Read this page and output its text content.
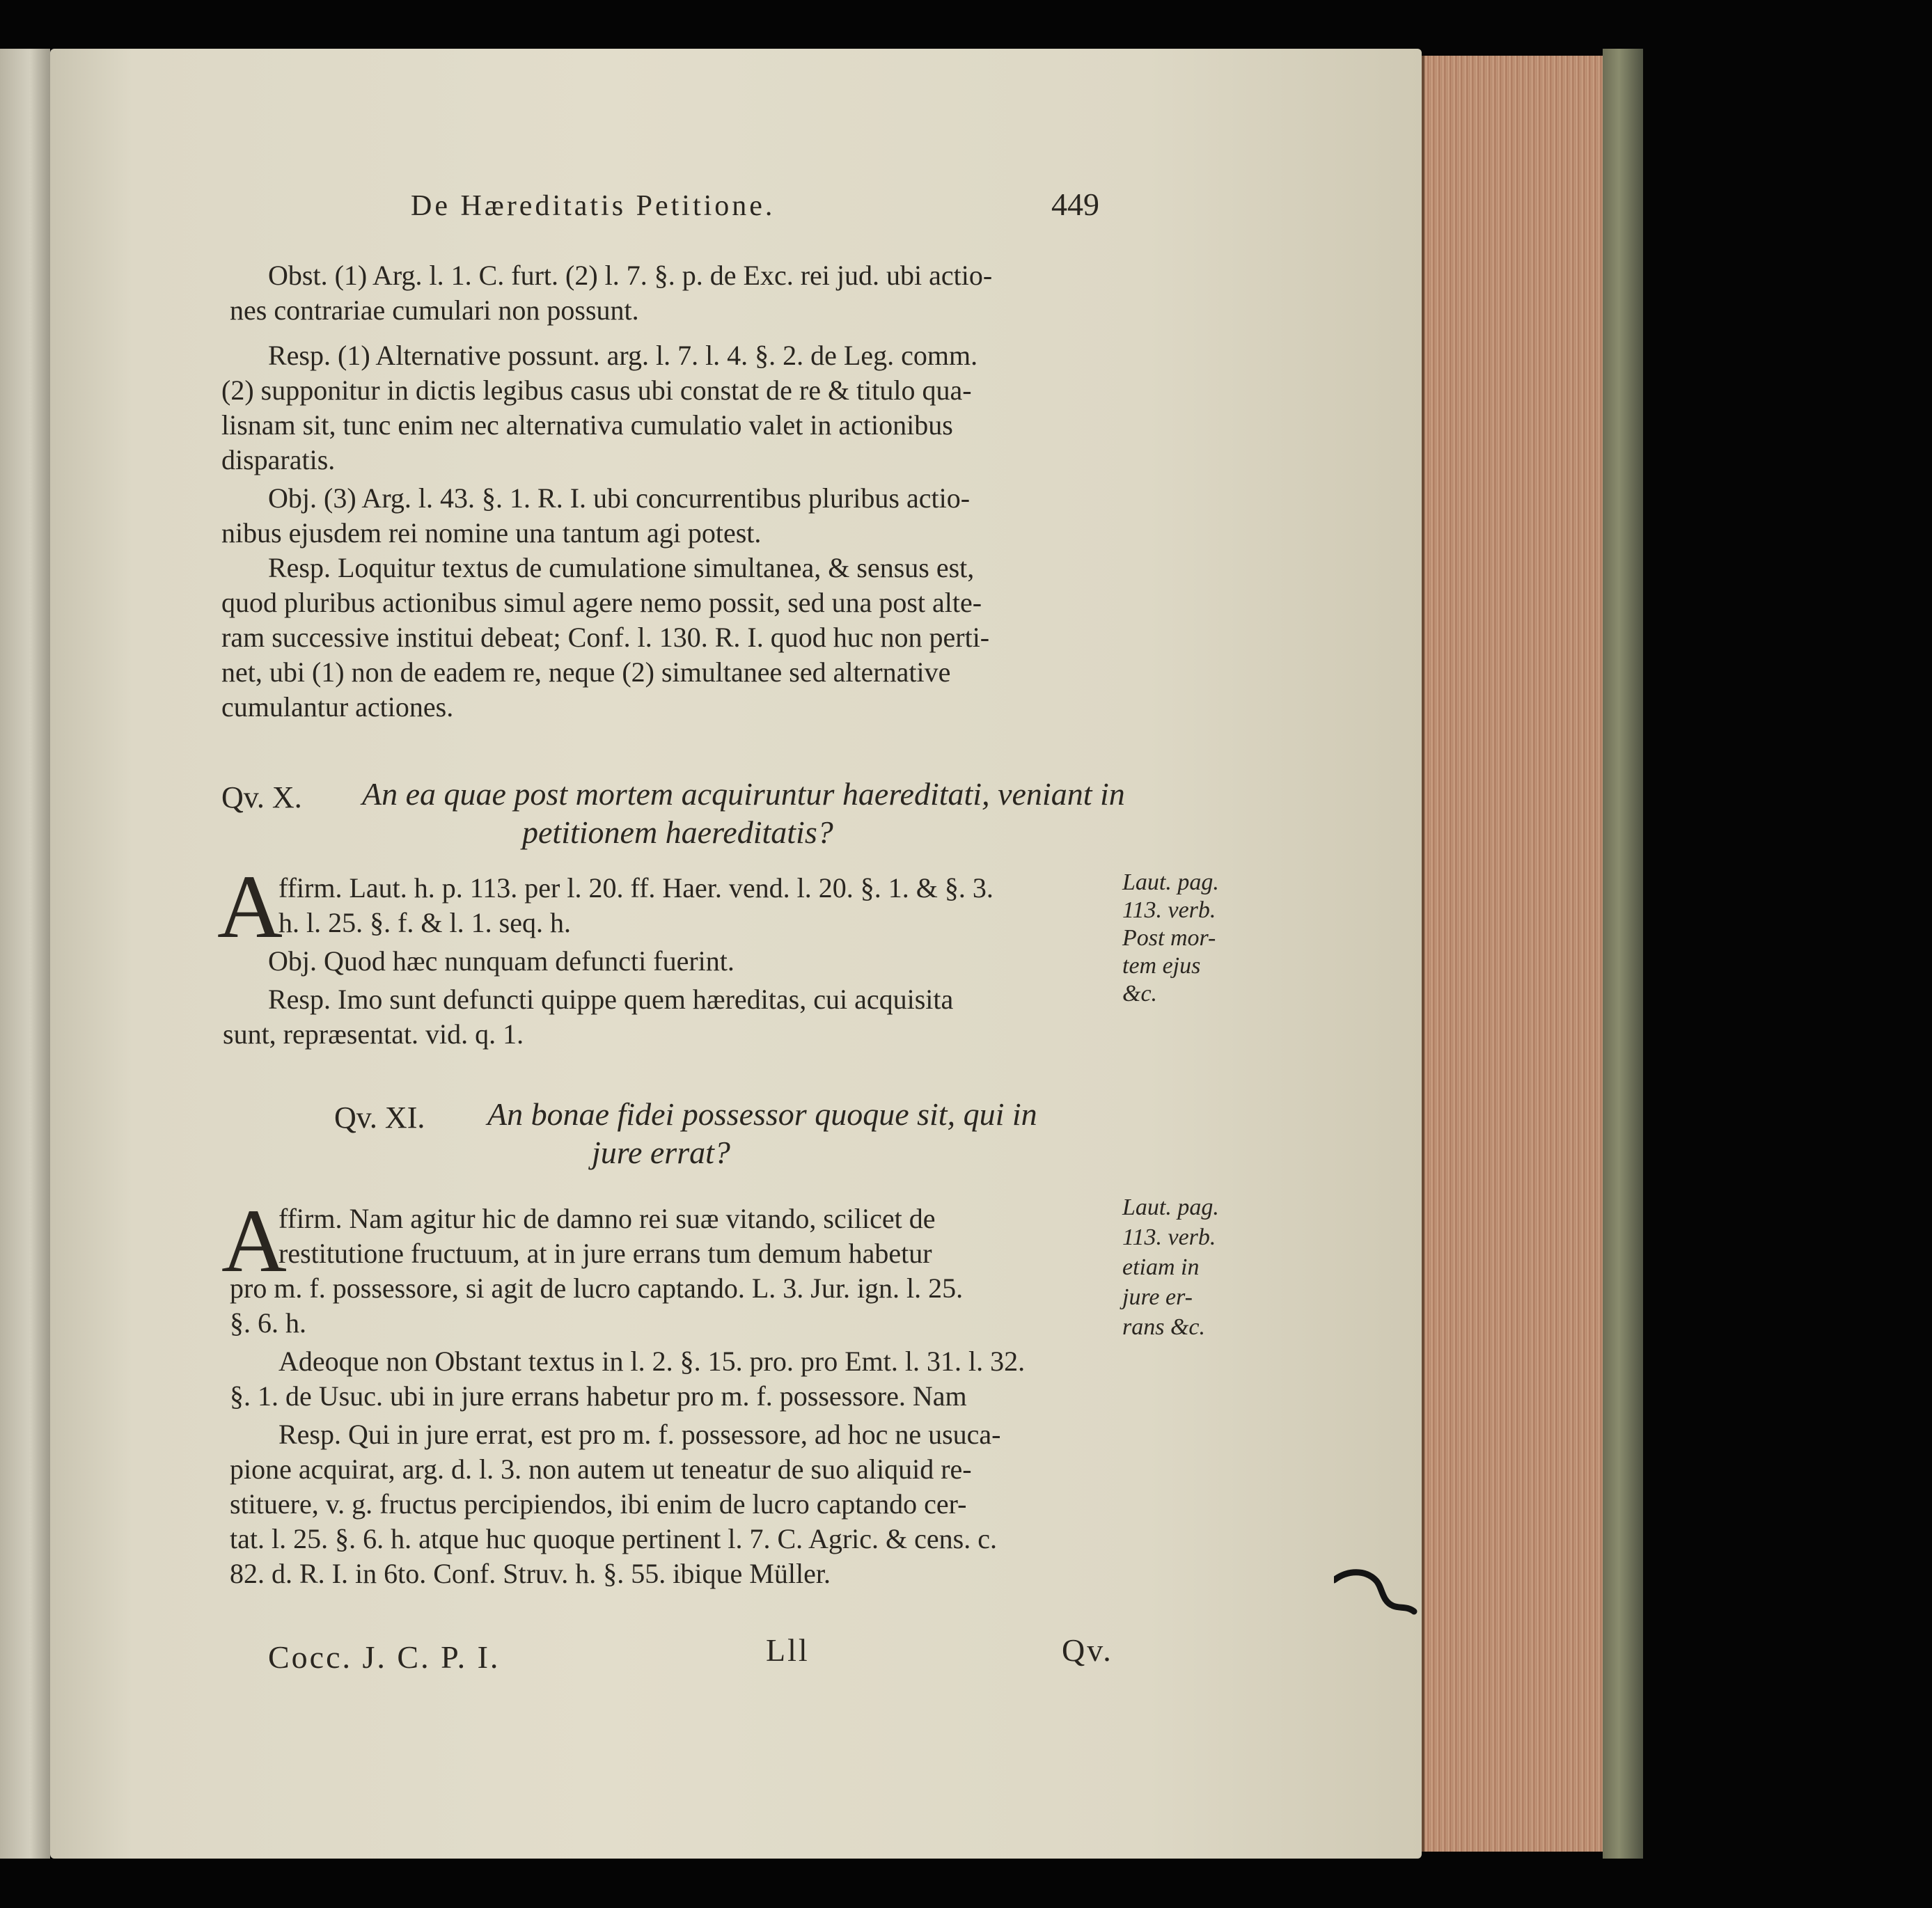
De Hæreditatis Petitione.	449
Obst. (1) Arg. l. 1. C. furt. (2) l. 7. §. p. de Exc. rei jud. ubi actio-
nes contrariae cumulari non possunt.
Resp. (1) Alternative possunt. arg. l. 7. l. 4. §. 2. de Leg. comm.
(2) supponitur in dictis legibus casus ubi constat de re & titulo qua-
lisnam sit, tunc enim nec alternativa cumulatio valet in actionibus
disparatis.
Obj. (3) Arg. l. 43. §. 1. R. I. ubi concurrentibus pluribus actio-
nibus ejusdem rei nomine una tantum agi potest.
Resp. Loquitur textus de cumulatione simultanea, & sensus est,
quod pluribus actionibus simul agere nemo possit, sed una post alte-
ram successive institui debeat; Conf. l. 130. R. I. quod huc non perti-
net, ubi (1) non de eadem re, neque (2) simultanee sed alternative
cumulantur actiones.
Qv. X. An ea quae post mortem acquiruntur haereditati, veniant in
petitionem haereditatis?
A
ffirm. Laut. h. p. 113. per l. 20. ff. Haer. vend. l. 20. §. 1. & §. 3.
h. l. 25. §. f. & l. 1. seq. h.
Obj. Quod hæc nunquam defuncti fuerint.
Resp. Imo sunt defuncti quippe quem hæreditas, cui acquisita
sunt, repræsentat. vid. q. 1.
Laut. pag.
113. verb.
Post mor-
tem ejus
&c.
Qv. XI. An bonae fidei possessor quoque sit, qui in
jure errat?
A
ffirm. Nam agitur hic de damno rei suæ vitando, scilicet de
restitutione fructuum, at in jure errans tum demum habetur
pro m. f. possessore, si agit de lucro captando. L. 3. Jur. ign. l. 25.
§. 6. h.
Adeoque non Obstant textus in l. 2. §. 15. pro. pro Emt. l. 31. l. 32.
§. 1. de Usuc. ubi in jure errans habetur pro m. f. possessore. Nam
Resp. Qui in jure errat, est pro m. f. possessore, ad hoc ne usuca-
pione acquirat, arg. d. l. 3. non autem ut teneatur de suo aliquid re-
stituere, v. g. fructus percipiendos, ibi enim de lucro captando cer-
tat. l. 25. §. 6. h. atque huc quoque pertinent l. 7. C. Agric. & cens. c.
82. d. R. I. in 6to. Conf. Struv. h. §. 55. ibique Müller.
Laut. pag.
113. verb.
etiam in
jure er-
rans &c.
Cocc. J. C. P. I.	Lll	Qv.
